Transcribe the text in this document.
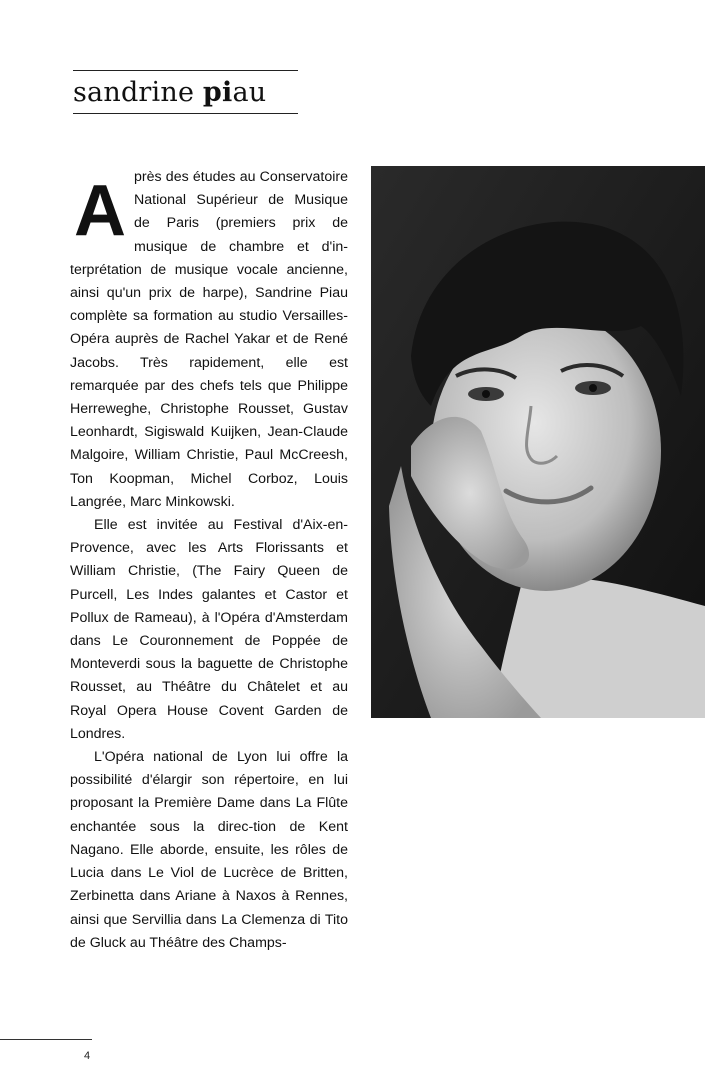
sandrine piau

Après des études au Conservatoire National Supérieur de Musique de Paris (premiers prix de musique de chambre et d'in-terprétation de musique vocale ancienne, ainsi qu'un prix de harpe), Sandrine Piau complète sa formation au studio Versailles-Opéra auprès de Rachel Yakar et de René Jacobs. Très rapidement, elle est remarquée par des chefs tels que Philippe Herreweghe, Christophe Rousset, Gustav Leonhardt, Sigiswald Kuijken, Jean-Claude Malgoire, William Christie, Paul McCreesh, Ton Koopman, Michel Corboz, Louis Langrée, Marc Minkowski.

Elle est invitée au Festival d'Aix-en-Provence, avec les Arts Florissants et William Christie, (The Fairy Queen de Purcell, Les Indes galantes et Castor et Pollux de Rameau), à l'Opéra d'Amsterdam dans Le Couronnement de Poppée de Monteverdi sous la baguette de Christophe Rousset, au Théâtre du Châtelet et au Royal Opera House Covent Garden de Londres.

L'Opéra national de Lyon lui offre la possibilité d'élargir son répertoire, en lui proposant la Première Dame dans La Flûte enchantée sous la direc-tion de Kent Nagano. Elle aborde, ensuite, les rôles de Lucia dans Le Viol de Lucrèce de Britten, Zerbinetta dans Ariane à Naxos à Rennes, ainsi que Servillia dans La Clemenza di Tito de Gluck au Théâtre des Champs-

4
